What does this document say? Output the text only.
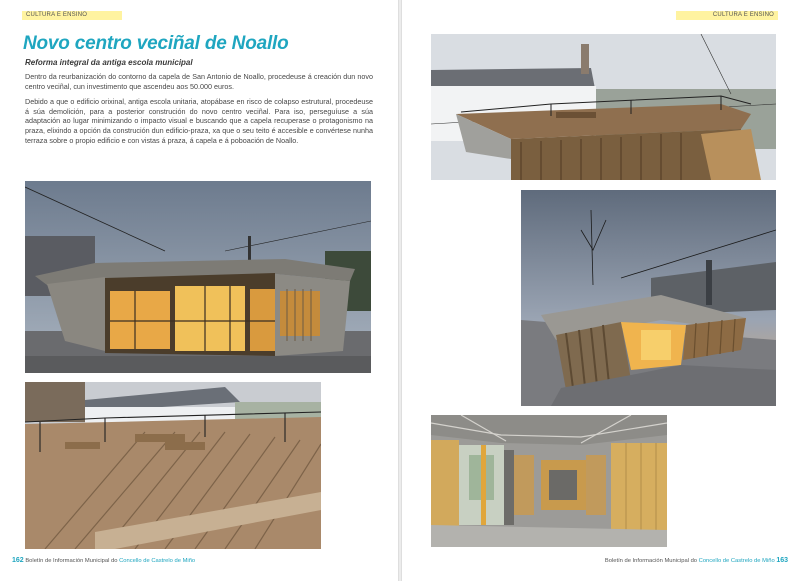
CULTURA E ENSINO
Novo centro veciñal de Noallo
Reforma integral da antiga escola municipal

Dentro da reurbanización do contorno da capela de San Antonio de Noallo, procedeuse á creación dun novo centro veciñal, cun investimento que ascendeu aos 50.000 euros.

Debido a que o edificio orixinal, antiga escola unitaria, atopábase en risco de colapso estrutural, procedeuse á súa demolición, para a posterior construción do novo centro veciñal. Para iso, perseguíuse a súa adaptación ao lugar minimizando o impacto visual e buscando que a capela recuperase o protagonismo na praza, elixindo a opción da construción dun edificio-praza, xa que o seu teito é accesible e convértese nunha terraza sobre o propio edificio e con vistas á praza, á capela e á poboación de Noallo.

162 Boletín de Información Municipal do Concello de Castrelo de Miño
CULTURA E ENSINO
Boletín de Información Municipal do Concello de Castrelo de Miño 163
